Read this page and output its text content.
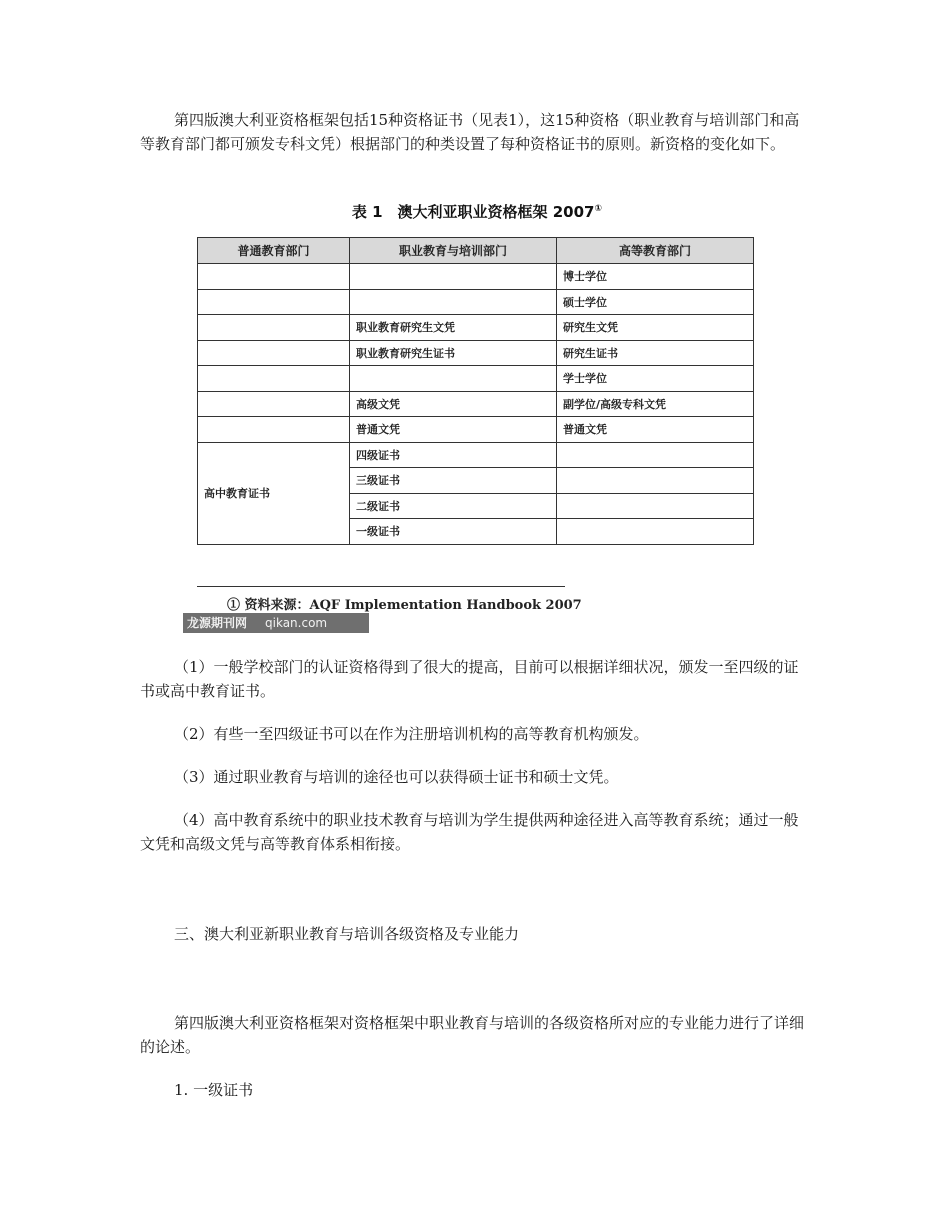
第四版澳大利亚资格框架包括15种资格证书（见表1），这15种资格（职业教育与培训部门和高等教育部门都可颁发专科文凭）根据部门的种类设置了每种资格证书的原则。新资格的变化如下。

表 1　澳大利亚职业资格框架 2007①
普通教育部门	职业教育与培训部门	高等教育部门
		博士学位
		硕士学位
	职业教育研究生文凭	研究生文凭
	职业教育研究生证书	研究生证书
		学士学位
	高级文凭	副学位/高级专科文凭
	普通文凭	普通文凭
高中教育证书	四级证书	
	三级证书	
	二级证书	
	一级证书	
① 资料来源：AQF Implementation Handbook 2007
龙源期刊网 qikan.com

（1）一般学校部门的认证资格得到了很大的提高，目前可以根据详细状况，颁发一至四级的证书或高中教育证书。

（2）有些一至四级证书可以在作为注册培训机构的高等教育机构颁发。

（3）通过职业教育与培训的途径也可以获得硕士证书和硕士文凭。

（4）高中教育系统中的职业技术教育与培训为学生提供两种途径进入高等教育系统；通过一般文凭和高级文凭与高等教育体系相衔接。

三、澳大利亚新职业教育与培训各级资格及专业能力

第四版澳大利亚资格框架对资格框架中职业教育与培训的各级资格所对应的专业能力进行了详细的论述。

1. 一级证书
